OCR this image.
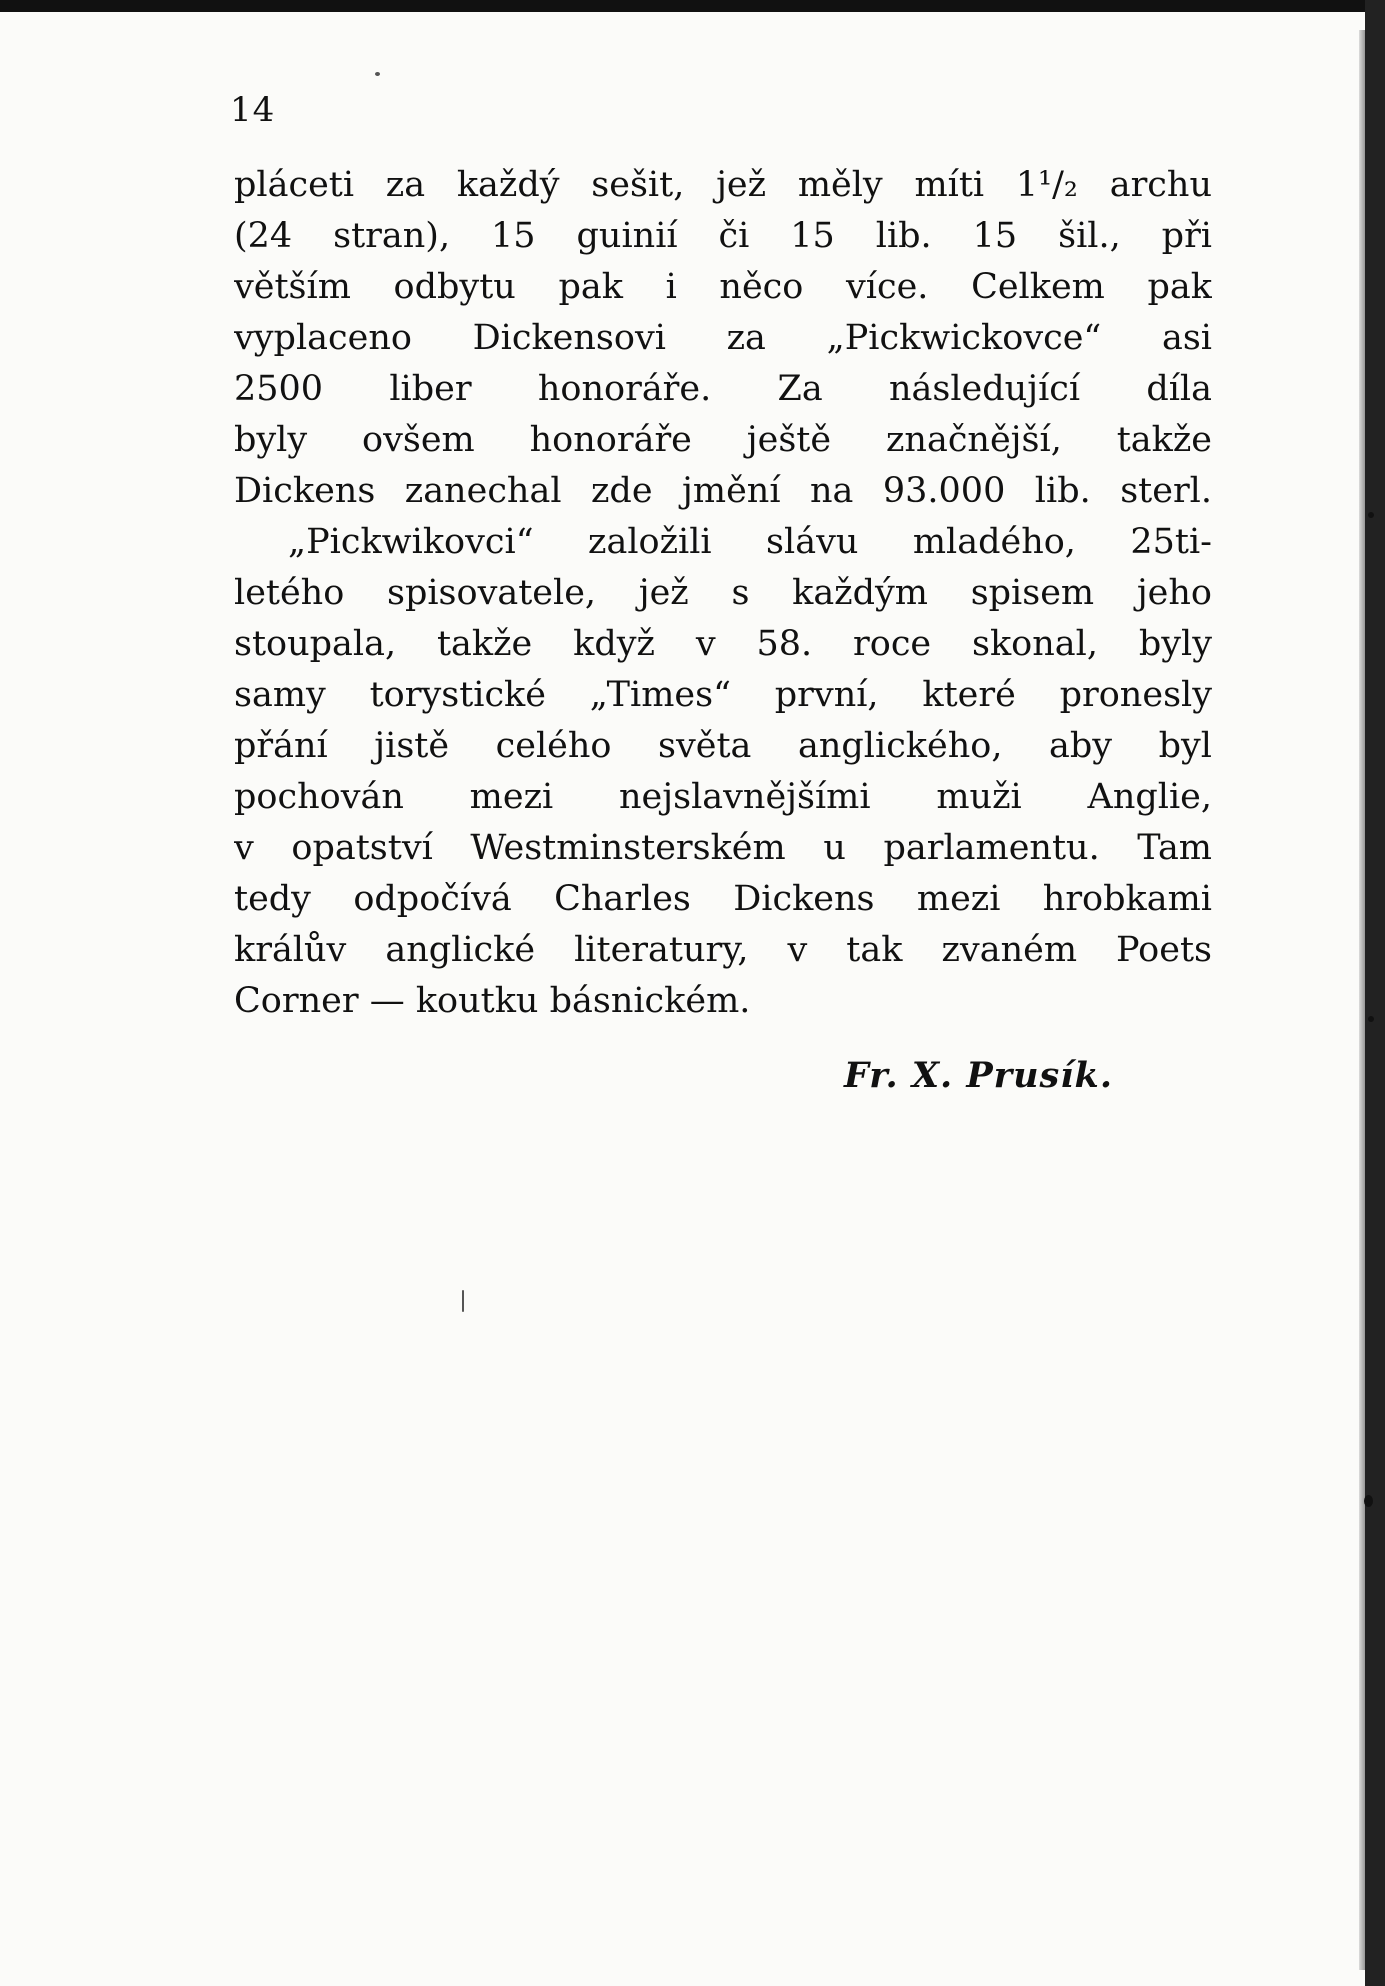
14
pláceti za každý sešit, jež měly míti 1¹/₂ archu
(24 stran), 15 guinií či 15 lib. 15 šil., při
větším odbytu pak i něco více. Celkem pak
vyplaceno Dickensovi za „Pickwickovce“ asi
2500 liber honoráře. Za následující díla
byly ovšem honoráře ještě značnější, takže
Dickens zanechal zde jmění na 93.000 lib. sterl.
„Pickwikovci“ založili slávu mladého, 25ti-
letého spisovatele, jež s každým spisem jeho
stoupala, takže když v 58. roce skonal, byly
samy torystické „Times“ první, které pronesly
přání jistě celého světa anglického, aby byl
pochován mezi nejslavnějšími muži Anglie,
v opatství Westminsterském u parlamentu. Tam
tedy odpočívá Charles Dickens mezi hrobkami
králův anglické literatury, v tak zvaném Poets
Corner — koutku básnickém.
Fr. X. Prusík.
